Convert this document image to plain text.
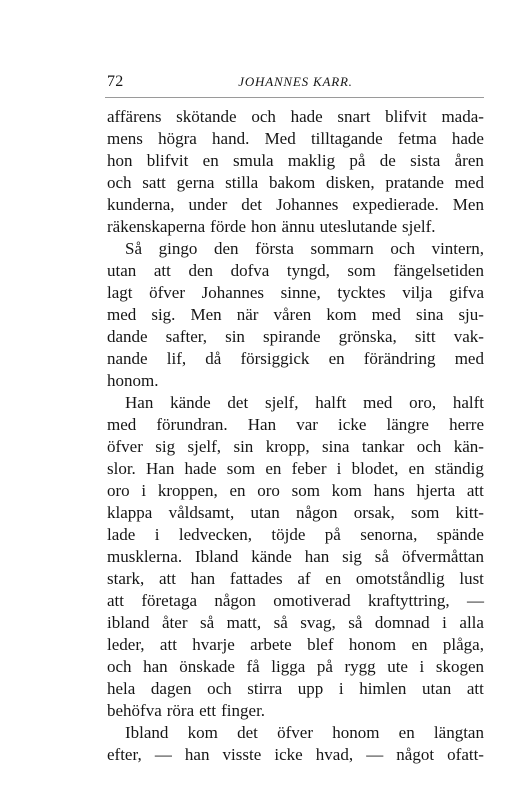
72	JOHANNES KARR.
affärens skötande och hade snart blifvit mada-
mens högra hand. Med tilltagande fetma hade
hon blifvit en smula maklig på de sista åren
och satt gerna stilla bakom disken, pratande med
kunderna, under det Johannes expedierade. Men
räkenskaperna förde hon ännu uteslutande sjelf.
Så gingo den första sommarn och vintern,
utan att den dofva tyngd, som fängelsetiden
lagt öfver Johannes sinne, tycktes vilja gifva
med sig. Men när våren kom med sina sju-
dande safter, sin spirande grönska, sitt vak-
nande lif, då försiggick en förändring med
honom.
Han kände det sjelf, halft med oro, halft
med förundran. Han var icke längre herre
öfver sig sjelf, sin kropp, sina tankar och kän-
slor. Han hade som en feber i blodet, en ständig
oro i kroppen, en oro som kom hans hjerta att
klappa våldsamt, utan någon orsak, som kitt-
lade i ledvecken, töjde på senorna, spände
musklerna. Ibland kände han sig så öfvermåttan
stark, att han fattades af en omotståndlig lust
att företaga någon omotiverad kraftyttring, —
ibland åter så matt, så svag, så domnad i alla
leder, att hvarje arbete blef honom en plåga,
och han önskade få ligga på rygg ute i skogen
hela dagen och stirra upp i himlen utan att
behöfva röra ett finger.
Ibland kom det öfver honom en längtan
efter, — han visste icke hvad, — något ofatt-
